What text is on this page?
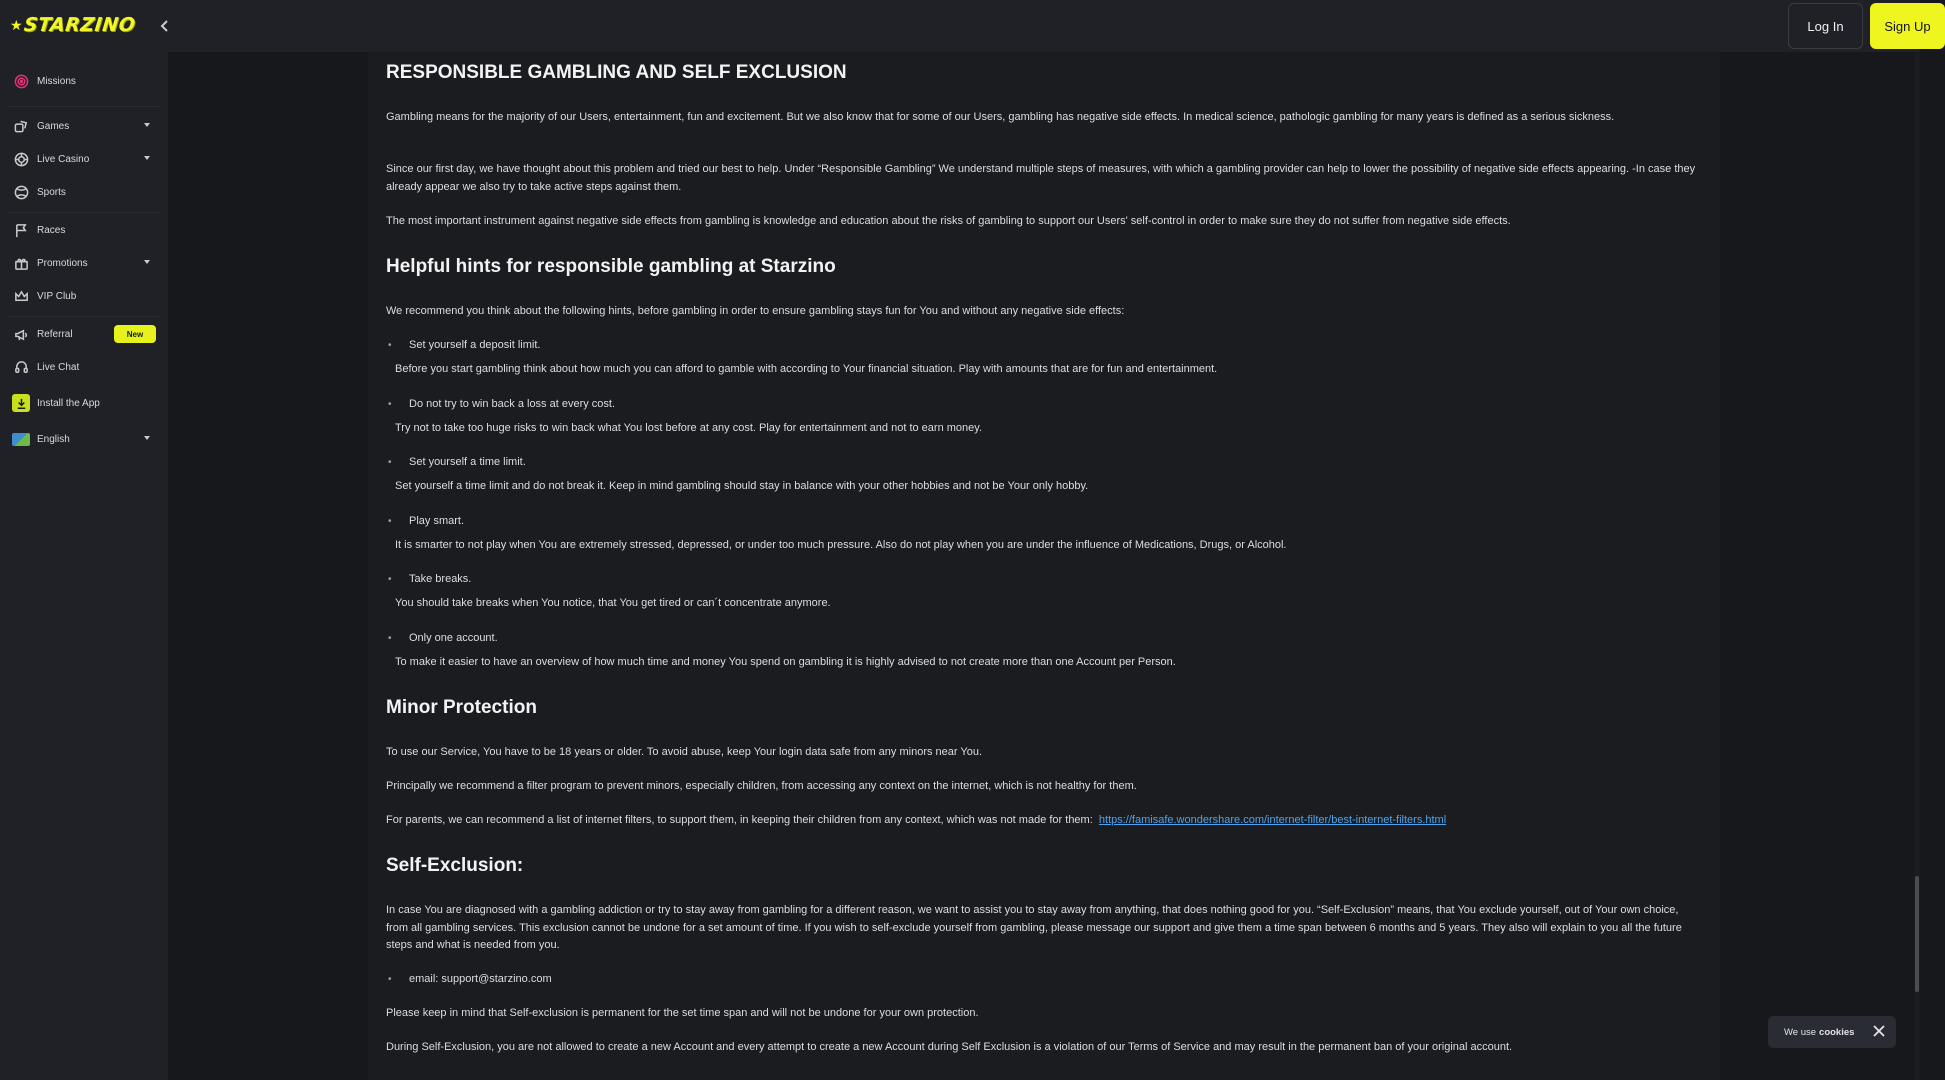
★ STARZINO
Missions
Games
Live Casino
Sports
Races
Promotions
VIP Club
Referral	New
Live Chat
Install the App
English
Log In	Sign Up
RESPONSIBLE GAMBLING AND SELF EXCLUSION

Gambling means for the majority of our Users, entertainment, fun and excitement. But we also know that for some of our Users, gambling has negative side effects. In medical science, pathologic gambling for many years is defined as a serious sickness.

Since our first day, we have thought about this problem and tried our best to help. Under “Responsible Gambling” We understand multiple steps of measures, with which a gambling provider can help to lower the possibility of negative side effects appearing. -In case they already appear we also try to take active steps against them.

The most important instrument against negative side effects from gambling is knowledge and education about the risks of gambling to support our Users' self-control in order to make sure they do not suffer from negative side effects.

Helpful hints for responsible gambling at Starzino

We recommend you think about the following hints, before gambling in order to ensure gambling stays fun for You and without any negative side effects:

• Set yourself a deposit limit.
Before you start gambling think about how much you can afford to gamble with according to Your financial situation. Play with amounts that are for fun and entertainment.
• Do not try to win back a loss at every cost.
Try not to take too huge risks to win back what You lost before at any cost. Play for entertainment and not to earn money.
• Set yourself a time limit.
Set yourself a time limit and do not break it. Keep in mind gambling should stay in balance with your other hobbies and not be Your only hobby.
• Play smart.
It is smarter to not play when You are extremely stressed, depressed, or under too much pressure. Also do not play when you are under the influence of Medications, Drugs, or Alcohol.
• Take breaks.
You should take breaks when You notice, that You get tired or can´t concentrate anymore.
• Only one account.
To make it easier to have an overview of how much time and money You spend on gambling it is highly advised to not create more than one Account per Person.
Minor Protection

To use our Service, You have to be 18 years or older. To avoid abuse, keep Your login data safe from any minors near You.

Principally we recommend a filter program to prevent minors, especially children, from accessing any context on the internet, which is not healthy for them.

For parents, we can recommend a list of internet filters, to support them, in keeping their children from any context, which was not made for them: https://famisafe.wondershare.com/internet-filter/best-internet-filters.html

Self-Exclusion:

In case You are diagnosed with a gambling addiction or try to stay away from gambling for a different reason, we want to assist you to stay away from anything, that does nothing good for you. “Self-Exclusion” means, that You exclude yourself, out of Your own choice, from all gambling services. This exclusion cannot be undone for a set amount of time. If you wish to self-exclude yourself from gambling, please message our support and give them a time span between 6 months and 5 years. They also will explain to you all the future steps and what is needed from you.

• email: support@starzino.com

Please keep in mind that Self-exclusion is permanent for the set time span and will not be undone for your own protection.

During Self-Exclusion, you are not allowed to create a new Account and every attempt to create a new Account during Self Exclusion is a violation of our Terms of Service and may result in the permanent ban of your original account.

We use cookies
